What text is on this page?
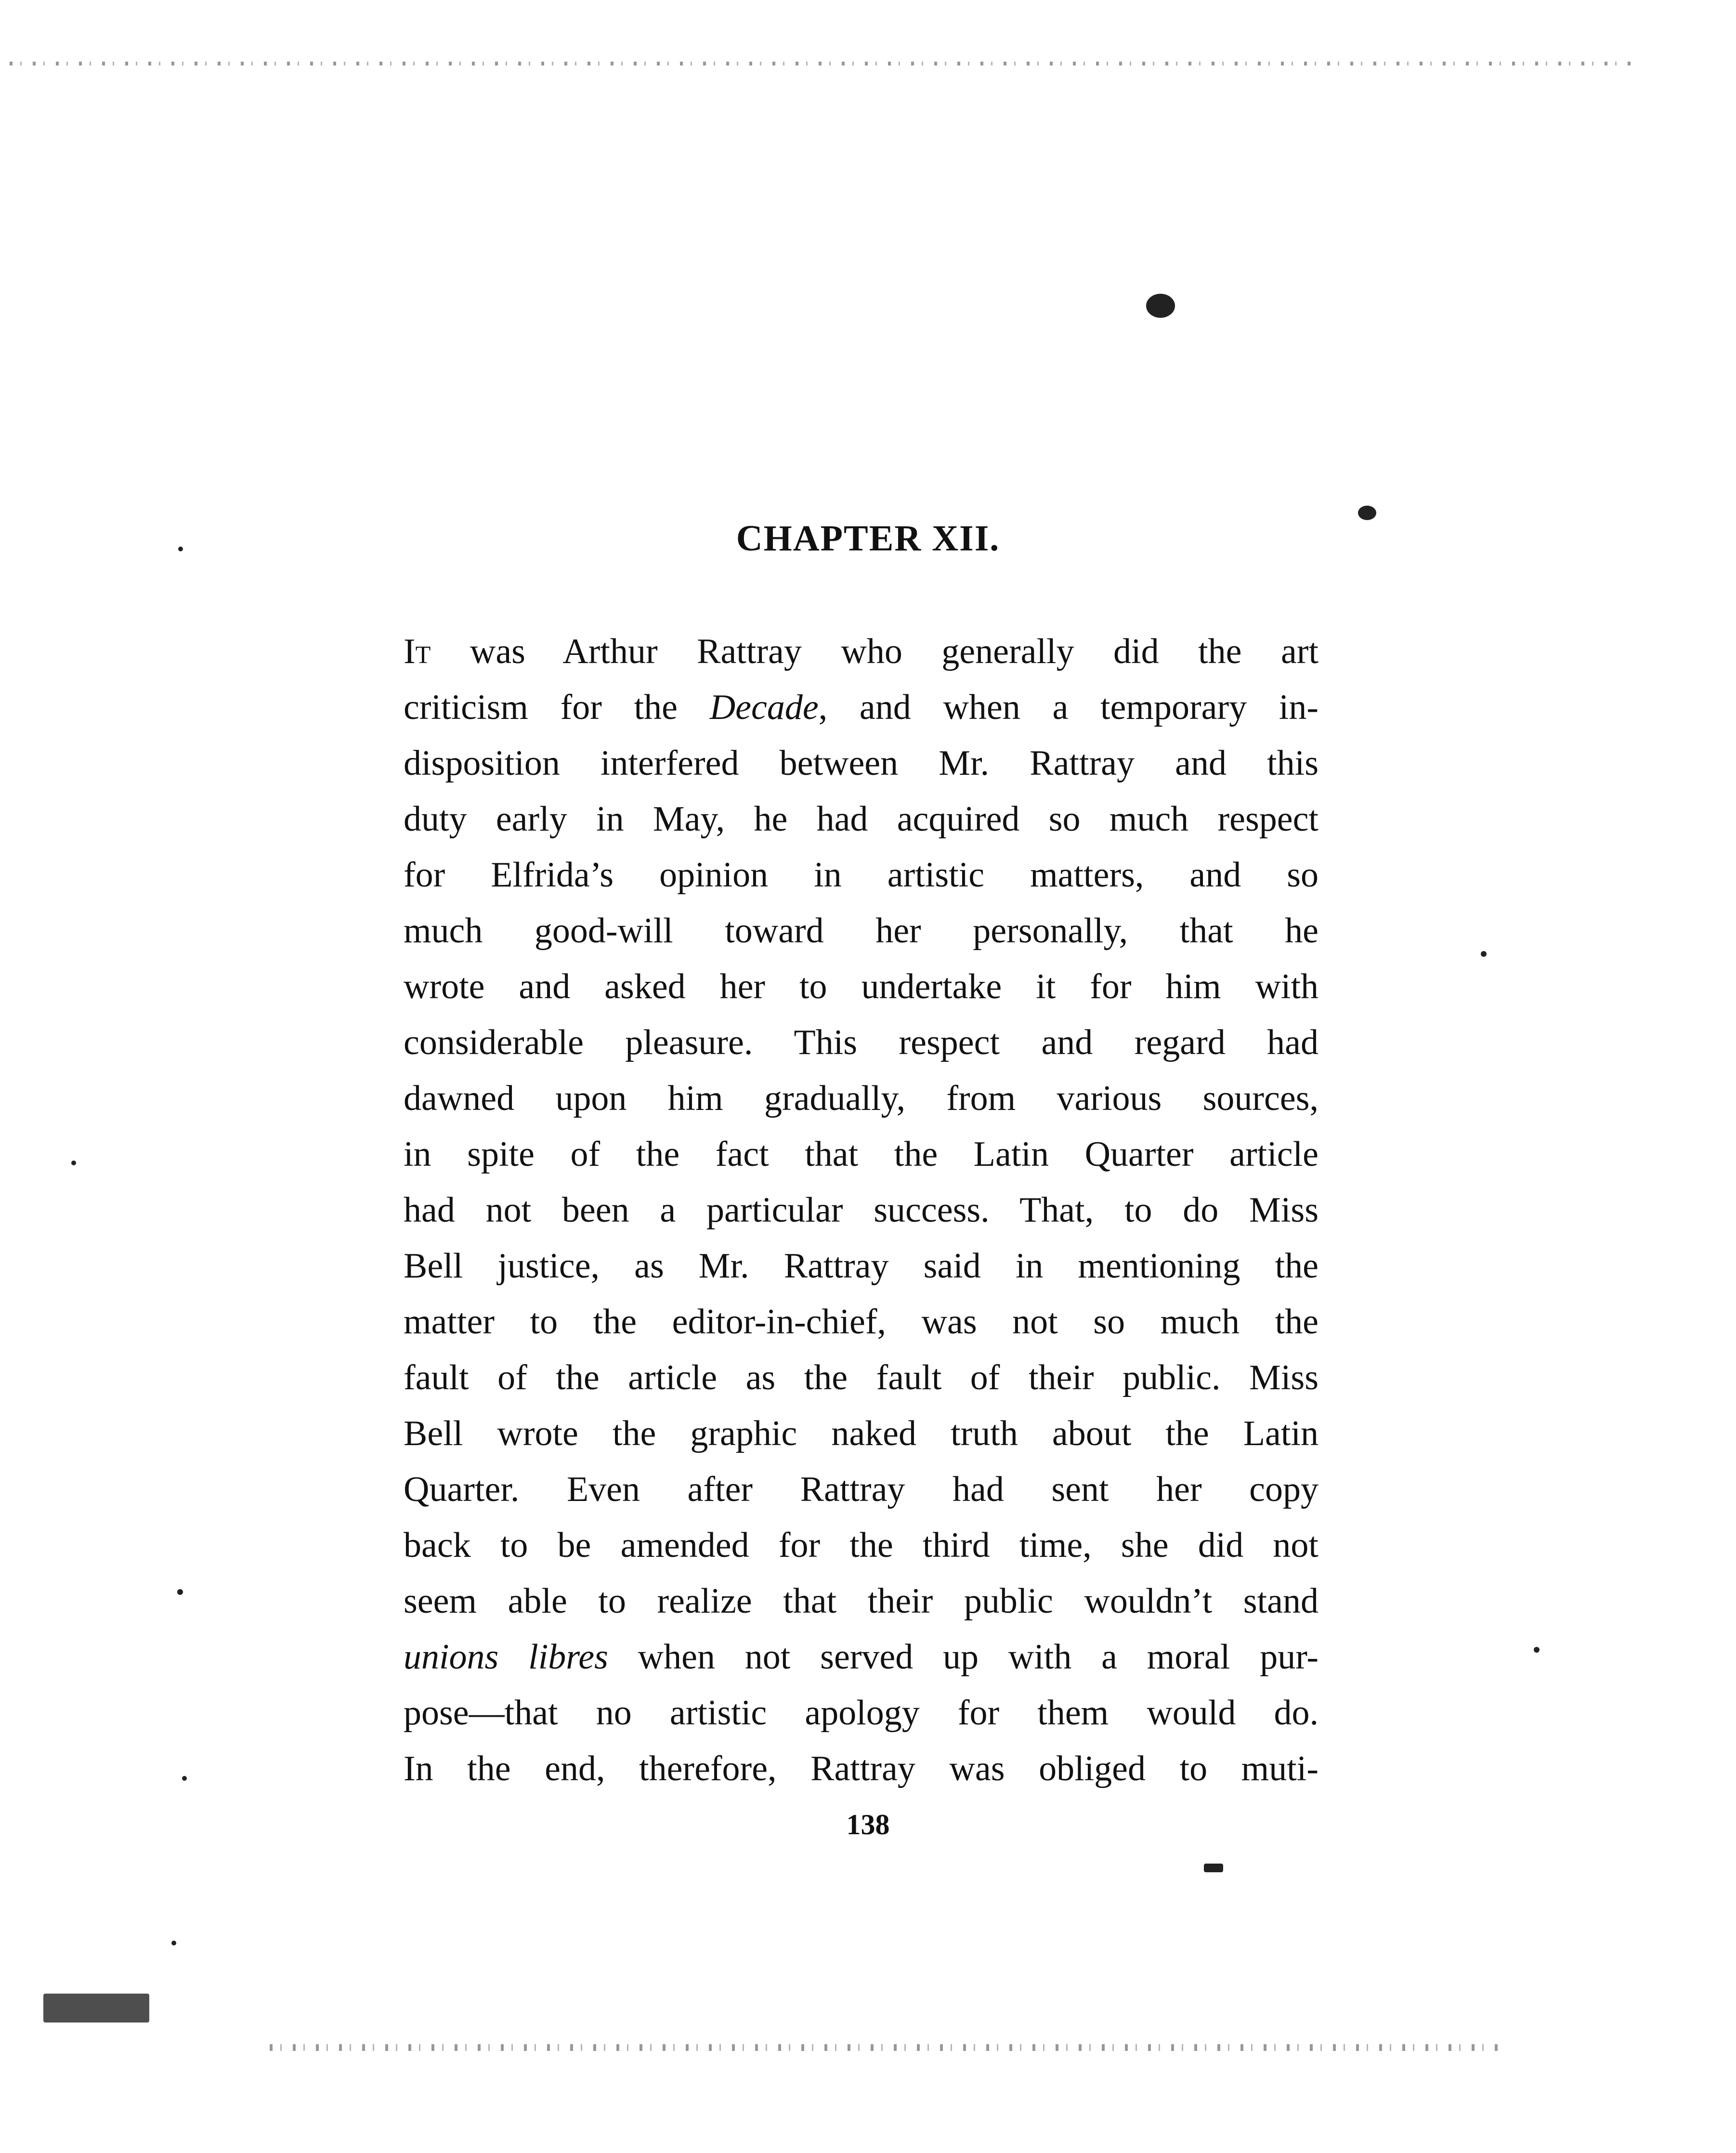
CHAPTER XII.
It was Arthur Rattray who generally did the art
criticism for the Decade, and when a temporary in-
disposition interfered between Mr. Rattray and this
duty early in May, he had acquired so much respect
for Elfrida’s opinion in artistic matters, and so
much good-will toward her personally, that he
wrote and asked her to undertake it for him with
considerable pleasure. This respect and regard had
dawned upon him gradually, from various sources,
in spite of the fact that the Latin Quarter article
had not been a particular success. That, to do Miss
Bell justice, as Mr. Rattray said in mentioning the
matter to the editor-in-chief, was not so much the
fault of the article as the fault of their public. Miss
Bell wrote the graphic naked truth about the Latin
Quarter. Even after Rattray had sent her copy
back to be amended for the third time, she did not
seem able to realize that their public wouldn’t stand
unions libres when not served up with a moral pur-
pose—that no artistic apology for them would do.
In the end, therefore, Rattray was obliged to muti-
138
